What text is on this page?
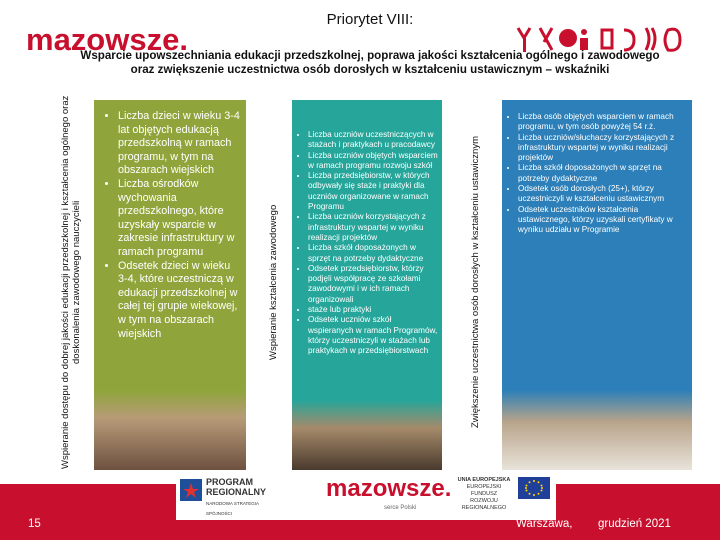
mazowsze.
Priorytet VIII:
Wsparcie upowszechniania edukacji przedszkolnej, poprawa jakości kształcenia ogólnego i zawodowego
oraz zwiększenie uczestnictwa osób dorosłych w kształceniu ustawicznym – wskaźniki
Wspieranie dostępu do dobrej jakości edukacji przedszkolnej i kształcenia ogólnego oraz doskonalenia zawodowego nauczycieli
• Liczba dzieci w wieku 3-4 lat objętych edukacją przedszkolną w ramach programu, w tym na obszarach wiejskich
• Liczba ośrodków wychowania przedszkolnego, które uzyskały wsparcie w zakresie infrastruktury w ramach programu
• Odsetek dzieci w wieku 3-4, które uczestniczą w edukacji przedszkolnej w całej tej grupie wiekowej, w tym na obszarach wiejskich	Wspieranie kształcenia zawodowego
• Liczba uczniów uczestniczących w stażach i praktykach u pracodawcy
• Liczba uczniów objętych wsparciem w ramach programu rozwoju szkół
• Liczba przedsiębiorstw, w których odbywały się staże i praktyki dla uczniów organizowane w ramach Programu
• Liczba uczniów korzystających z infrastruktury wspartej w wyniku realizacji projektów
• Liczba szkół doposażonych w sprzęt na potrzeby dydaktyczne
• Odsetek przedsiębiorstw, którzy podjęli współpracę ze szkołami zawodowymi i w ich ramach organizowali
• staże lub praktyki
• Odsetek uczniów szkół wspieranych w ramach Programów, którzy uczestniczyli w stażach lub praktykach w przedsiębiorstwach	Zwiększenie uczestnictwa osób dorosłych w kształceniu ustawicznym
• Liczba osób objętych wsparciem w ramach programu, w tym osób powyżej 54 r.ż.
• Liczba uczniów/słuchaczy korzystających z infrastruktury wspartej w wyniku realizacji projektów
• Liczba szkół doposażonych w sprzęt na potrzeby dydaktyczne
• Odsetek osób dorosłych (25+), którzy uczestniczyli w kształceniu ustawicznym
• Odsetek uczestników kształcenia ustawicznego, którzy uzyskali certyfikaty w wyniku udziału w Programie
PROGRAM
REGIONALNY
NARODOWA STRATEGIA SPÓJNOŚCI
mazowsze.
serce Polski
UNIA EUROPEJSKA
EUROPEJSKI FUNDUSZ
ROZWOJU REGIONALNEGO
15	Warszawa, grudzień 2021
